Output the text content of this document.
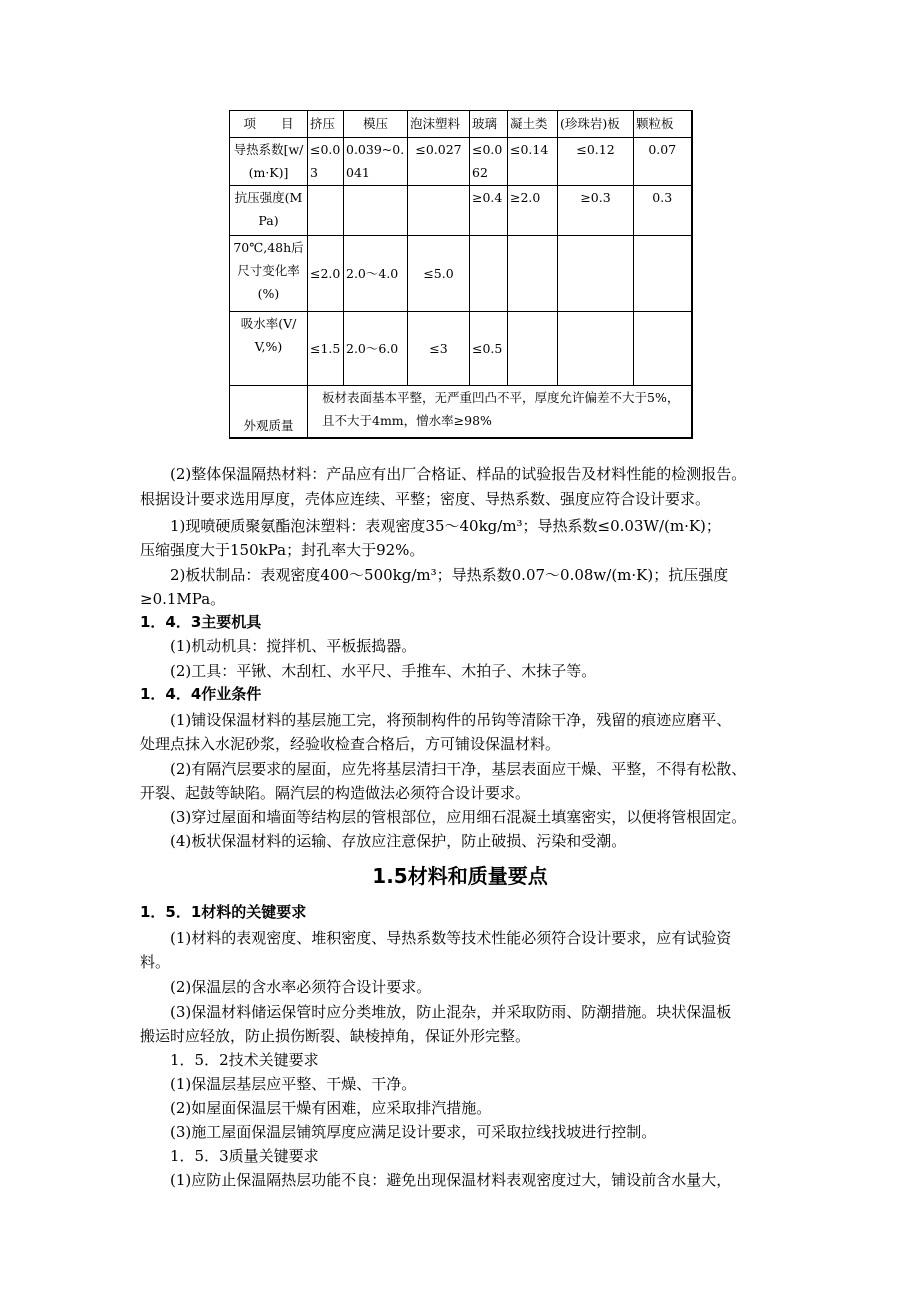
项　　目	挤压	模压	泡沫塑料	玻璃	凝土类	(珍珠岩)板	颗粒板
导热系数[w/(m·K)]	≤0.03	0.039~0.041	≤0.027	≤0.062	≤0.14	≤0.12	0.07
抗压强度(MPa)				≥0.4	≥2.0	≥0.3	0.3
70℃,48h后尺寸变化率(%)	≤2.0	2.0～4.0	≤5.0				
吸水率(V/V,%)	≤1.5	2.0～6.0	≤3	≤0.5			
外观质量	板材表面基本平整，无严重凹凸不平，厚度允许偏差不大于5%，且不大于4mm，憎水率≥98%						
(2)整体保温隔热材料：产品应有出厂合格证、样品的试验报告及材料性能的检测报告。
根据设计要求选用厚度，壳体应连续、平整；密度、导热系数、强度应符合设计要求。
1)现喷硬质聚氨酯泡沫塑料：表观密度35～40kg/m³；导热系数≤0.03W/(m·K)；
压缩强度大于150kPa；封孔率大于92%。
2)板状制品：表观密度400～500kg/m³；导热系数0.07～0.08w/(m·K)；抗压强度
≥0.1MPa。
1．4．3主要机具
(1)机动机具：搅拌机、平板振捣器。
(2)工具：平锹、木刮杠、水平尺、手推车、木拍子、木抹子等。
1．4．4作业条件
(1)铺设保温材料的基层施工完，将预制构件的吊钩等清除干净，残留的痕迹应磨平、
处理点抹入水泥砂浆，经验收检查合格后，方可铺设保温材料。
(2)有隔汽层要求的屋面，应先将基层清扫干净，基层表面应干燥、平整，不得有松散、
开裂、起鼓等缺陷。隔汽层的构造做法必须符合设计要求。
(3)穿过屋面和墙面等结构层的管根部位，应用细石混凝土填塞密实，以便将管根固定。
(4)板状保温材料的运输、存放应注意保护，防止破损、污染和受潮。
1.5材料和质量要点
1．5．1材料的关键要求
(1)材料的表观密度、堆积密度、导热系数等技术性能必须符合设计要求，应有试验资
料。
(2)保温层的含水率必须符合设计要求。
(3)保温材料储运保管时应分类堆放，防止混杂，并采取防雨、防潮措施。块状保温板
搬运时应轻放，防止损伤断裂、缺棱掉角，保证外形完整。
1．5．2技术关键要求
(1)保温层基层应平整、干燥、干净。
(2)如屋面保温层干燥有困难，应采取排汽措施。
(3)施工屋面保温层铺筑厚度应满足设计要求，可采取拉线找坡进行控制。
1．5．3质量关键要求
(1)应防止保温隔热层功能不良：避免出现保温材料表观密度过大，铺设前含水量大，
